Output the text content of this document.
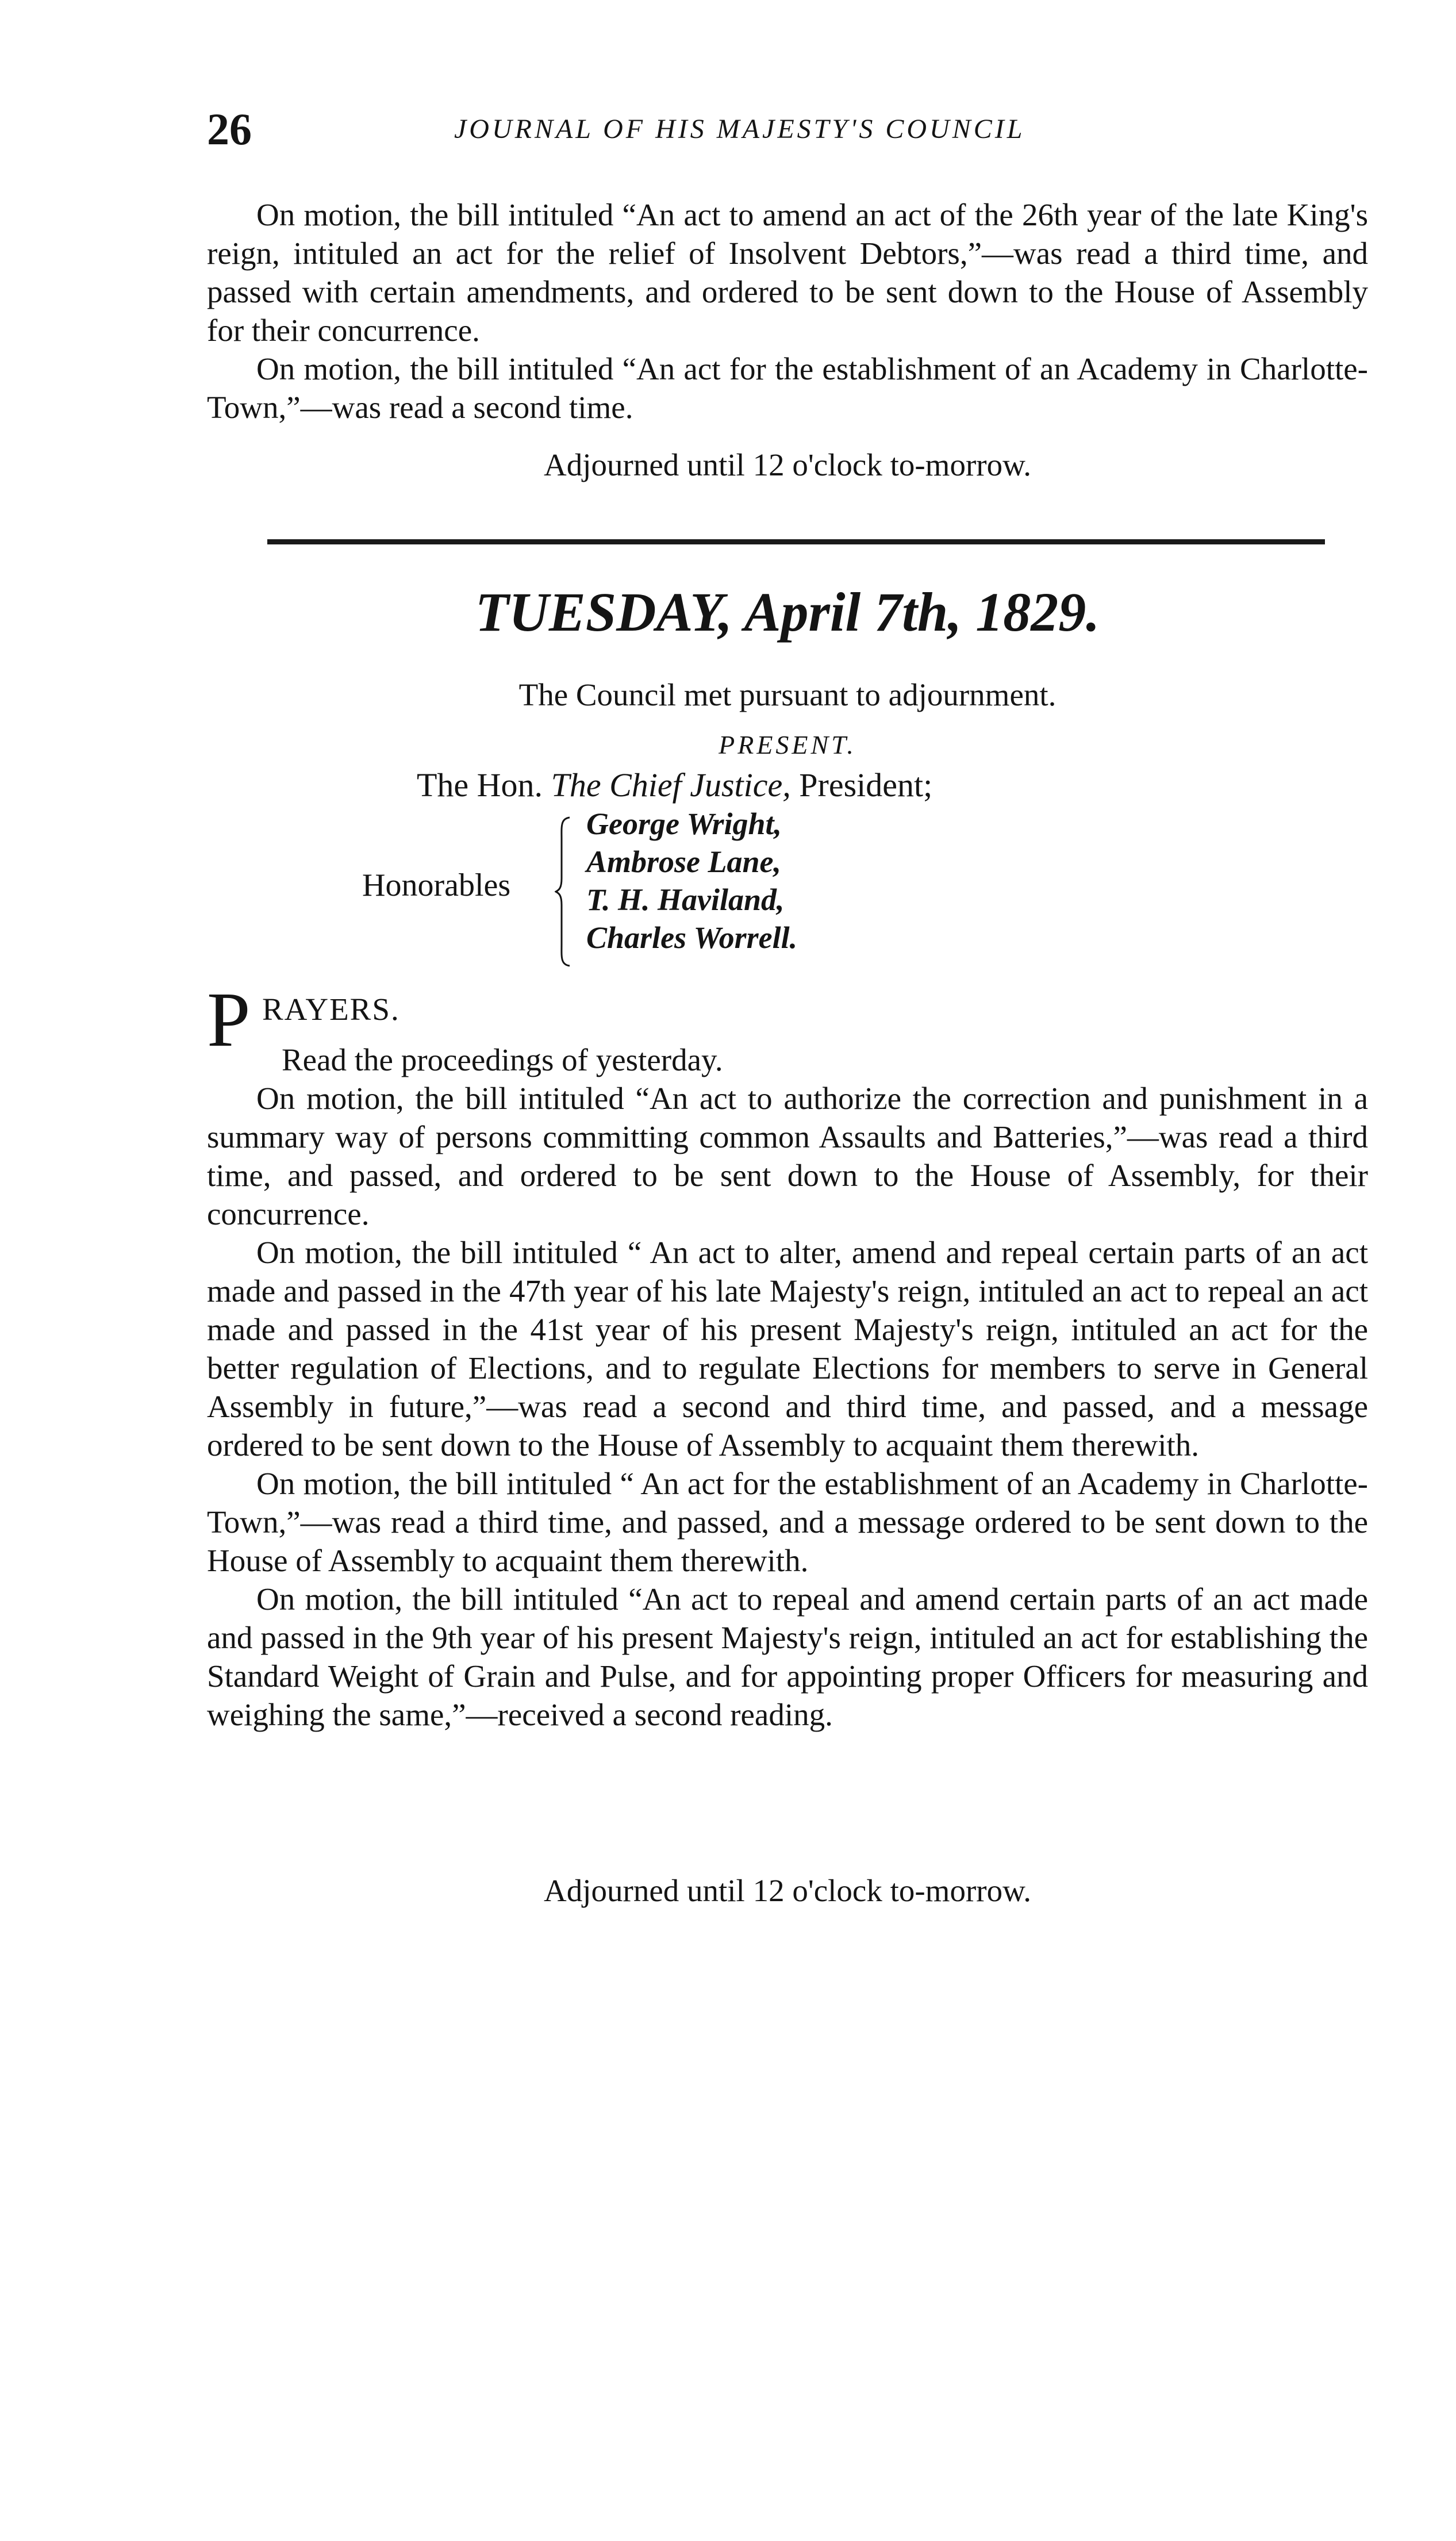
26	JOURNAL OF HIS MAJESTY'S COUNCIL

On motion, the bill intituled “An act to amend an act of the 26th year of the late King's reign, intituled an act for the relief of Insolvent Debtors,”—was read a third time, and passed with certain amendments, and ordered to be sent down to the House of Assembly for their concurrence.

On motion, the bill intituled “An act for the establishment of an Academy in Charlotte-Town,”—was read a second time.

Adjourned until 12 o'clock to-morrow.
TUESDAY, April 7th, 1829.
The Council met pursuant to adjournment.
PRESENT.
The Hon. The Chief Justice, President;
Honorables
George Wright,
Ambrose Lane,
T. H. Haviland,
Charles Worrell.
P RAYERS.

Read the proceedings of yesterday.

On motion, the bill intituled “An act to authorize the correction and punishment in a summary way of persons committing common Assaults and Batteries,”—was read a third time, and passed, and ordered to be sent down to the House of Assembly, for their concurrence.

On motion, the bill intituled “ An act to alter, amend and repeal certain parts of an act made and passed in the 47th year of his late Majesty's reign, intituled an act to repeal an act made and passed in the 41st year of his present Majesty's reign, intituled an act for the better regulation of Elections, and to regulate Elections for members to serve in General Assembly in future,”—was read a second and third time, and passed, and a message ordered to be sent down to the House of Assembly to acquaint them therewith.

On motion, the bill intituled “ An act for the establishment of an Academy in Charlotte-Town,”—was read a third time, and passed, and a message ordered to be sent down to the House of Assembly to acquaint them therewith.

On motion, the bill intituled “An act to repeal and amend certain parts of an act made and passed in the 9th year of his present Majesty's reign, intituled an act for establishing the Standard Weight of Grain and Pulse, and for appointing proper Officers for measuring and weighing the same,”—received a second reading.

Adjourned until 12 o'clock to-morrow.
